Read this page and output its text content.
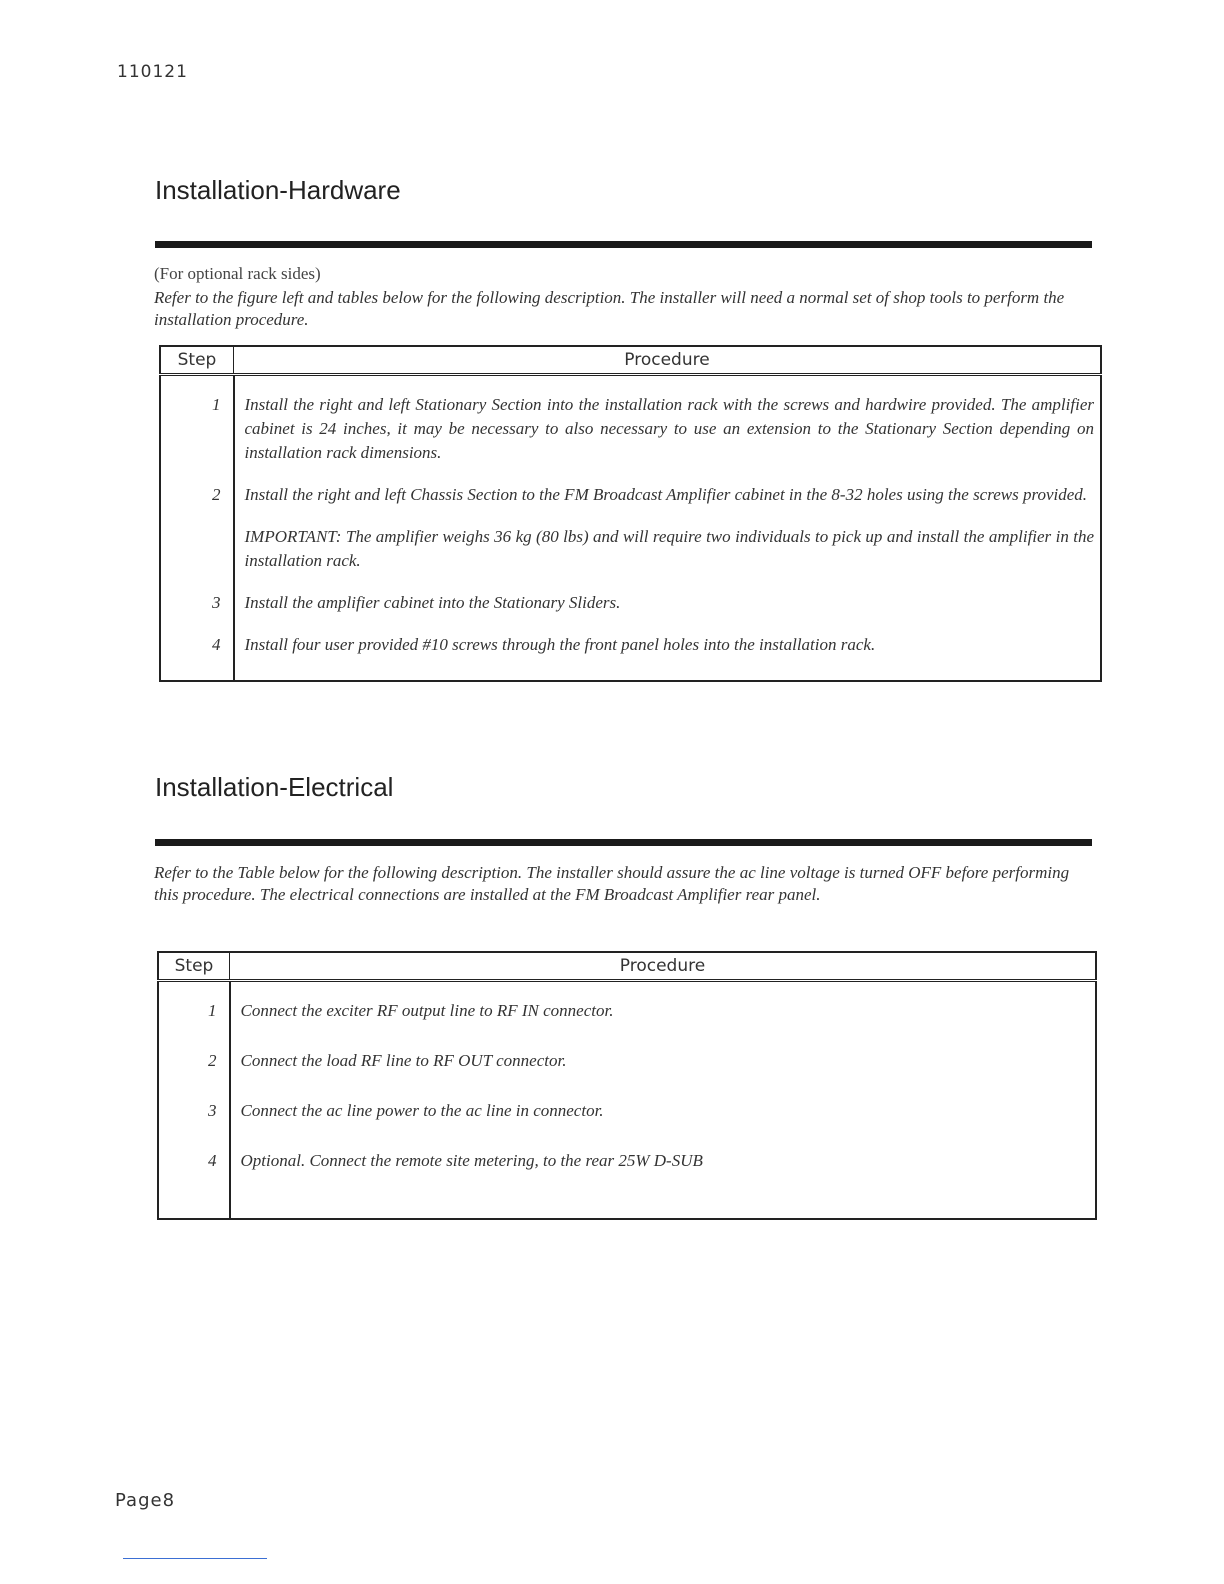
110121
Installation-Hardware
(For optional rack sides)
Refer to the figure left and tables below for the following description. The installer will need a normal set of shop tools to perform the installation procedure.
Step	Procedure

1	Install the right and left Stationary Section into the installation rack with the screws and hardwire provided. The amplifier cabinet is 24 inches, it may be necessary to also necessary to use an extension to the Stationary Section depending on installation rack dimensions.

2	Install the right and left Chassis Section to the FM Broadcast Amplifier cabinet in the 8-32 holes using the screws provided.

	IMPORTANT: The amplifier weighs 36 kg (80 lbs) and will require two individuals to pick up and install the amplifier in the installation rack.

3	Install the amplifier cabinet into the Stationary Sliders.

4	Install four user provided #10 screws through the front panel holes into the installation rack.

Installation-Electrical
Refer to the Table below for the following description. The installer should assure the ac line voltage is turned OFF before performing this procedure. The electrical connections are installed at the FM Broadcast Amplifier rear panel.
Step	Procedure

1	Connect the exciter RF output line to RF IN connector.

2	Connect the load RF line to RF OUT connector.

3	Connect the ac line power to the ac line in connector.

4	Optional. Connect the remote site metering, to the rear 25W D-SUB

Page8
